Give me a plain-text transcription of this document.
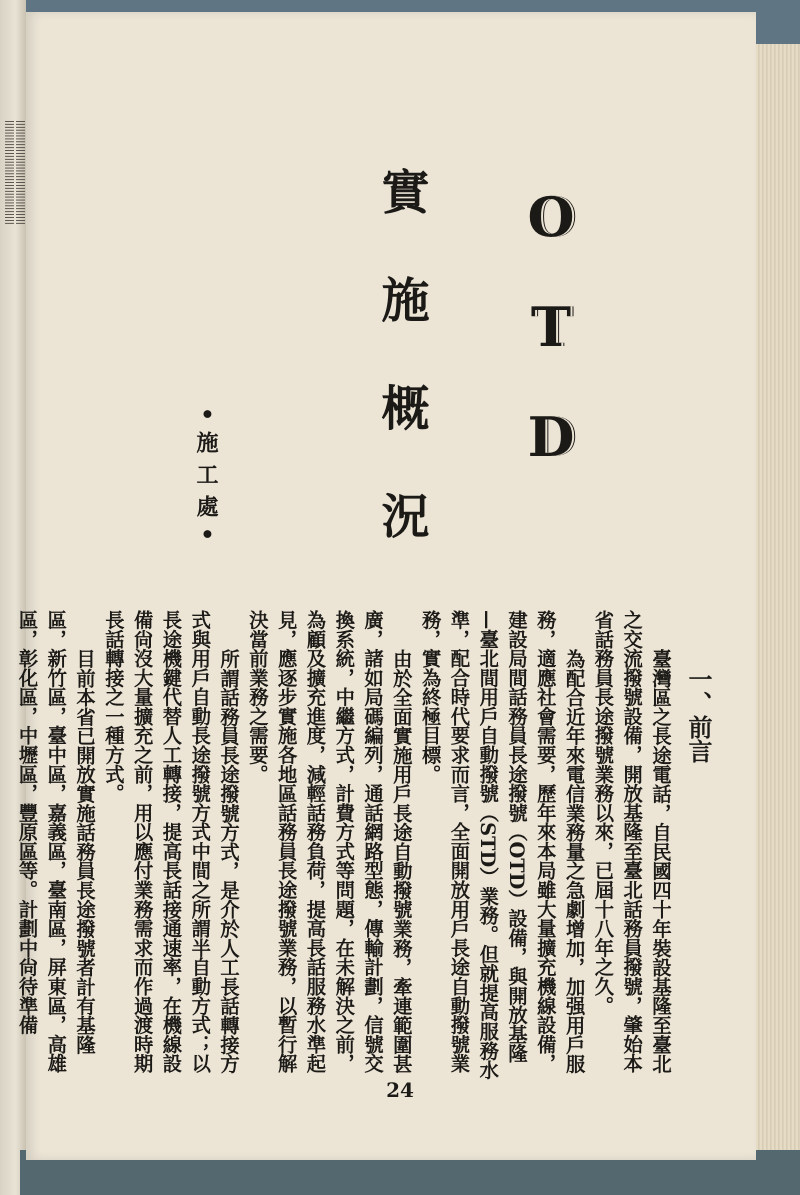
∣∣∣∣∣∣∣∣∣∣∣∣∣∣∣∣∣∣∣∣∣∣∣∣∣∣∣∣∣∣∣∣∣∣∣∣ ∣∣∣∣∣∣∣∣∣∣∣∣∣∣∣∣∣∣∣∣∣∣∣∣∣∣∣∣∣∣∣∣∣∣∣∣	O
T
D
實施概況
•施工處•
一、前言

臺灣區之長途電話，自民國四十年裝設基隆至臺北之交流撥號設備，開放基隆至臺北話務員撥號，肇始本省話務員長途撥號業務以來，已屆十八年之久。

為配合近年來電信業務量之急劇增加，加强用戶服務，適應社會需要，歷年來本局雖大量擴充機線設備，建設局間話務員長途撥號（OTD）設備，與開放基隆—臺北間用戶自動撥號（STD）業務。但就提高服務水準，配合時代要求而言，全面開放用戶長途自動撥號業務，實為終極目標。

由於全面實施用戶長途自動撥號業務，牽連範圍甚廣，諸如局碼編列，通話網路型態，傳輸計劃，信號交換系統，中繼方式，計費方式等問題，在未解決之前，為顧及擴充進度，減輕話務負荷，提高長話服務水準起見，應逐步實施各地區話務員長途撥號業務，以暫行解決當前業務之需要。

所謂話務員長途撥號方式，是介於人工長話轉接方式與用戶自動長途撥號方式中間之所謂半自動方式；以長途機鍵代替人工轉接，提高長話接通速率，在機線設備尙沒大量擴充之前，用以應付業務需求而作過渡時期長話轉接之一種方式。

目前本省已開放實施話務員長途撥號者計有基隆區，新竹區，臺中區，嘉義區，臺南區，屏東區，高雄區，彰化區，中壢區，豐原區等。計劃中尙待準備

24
